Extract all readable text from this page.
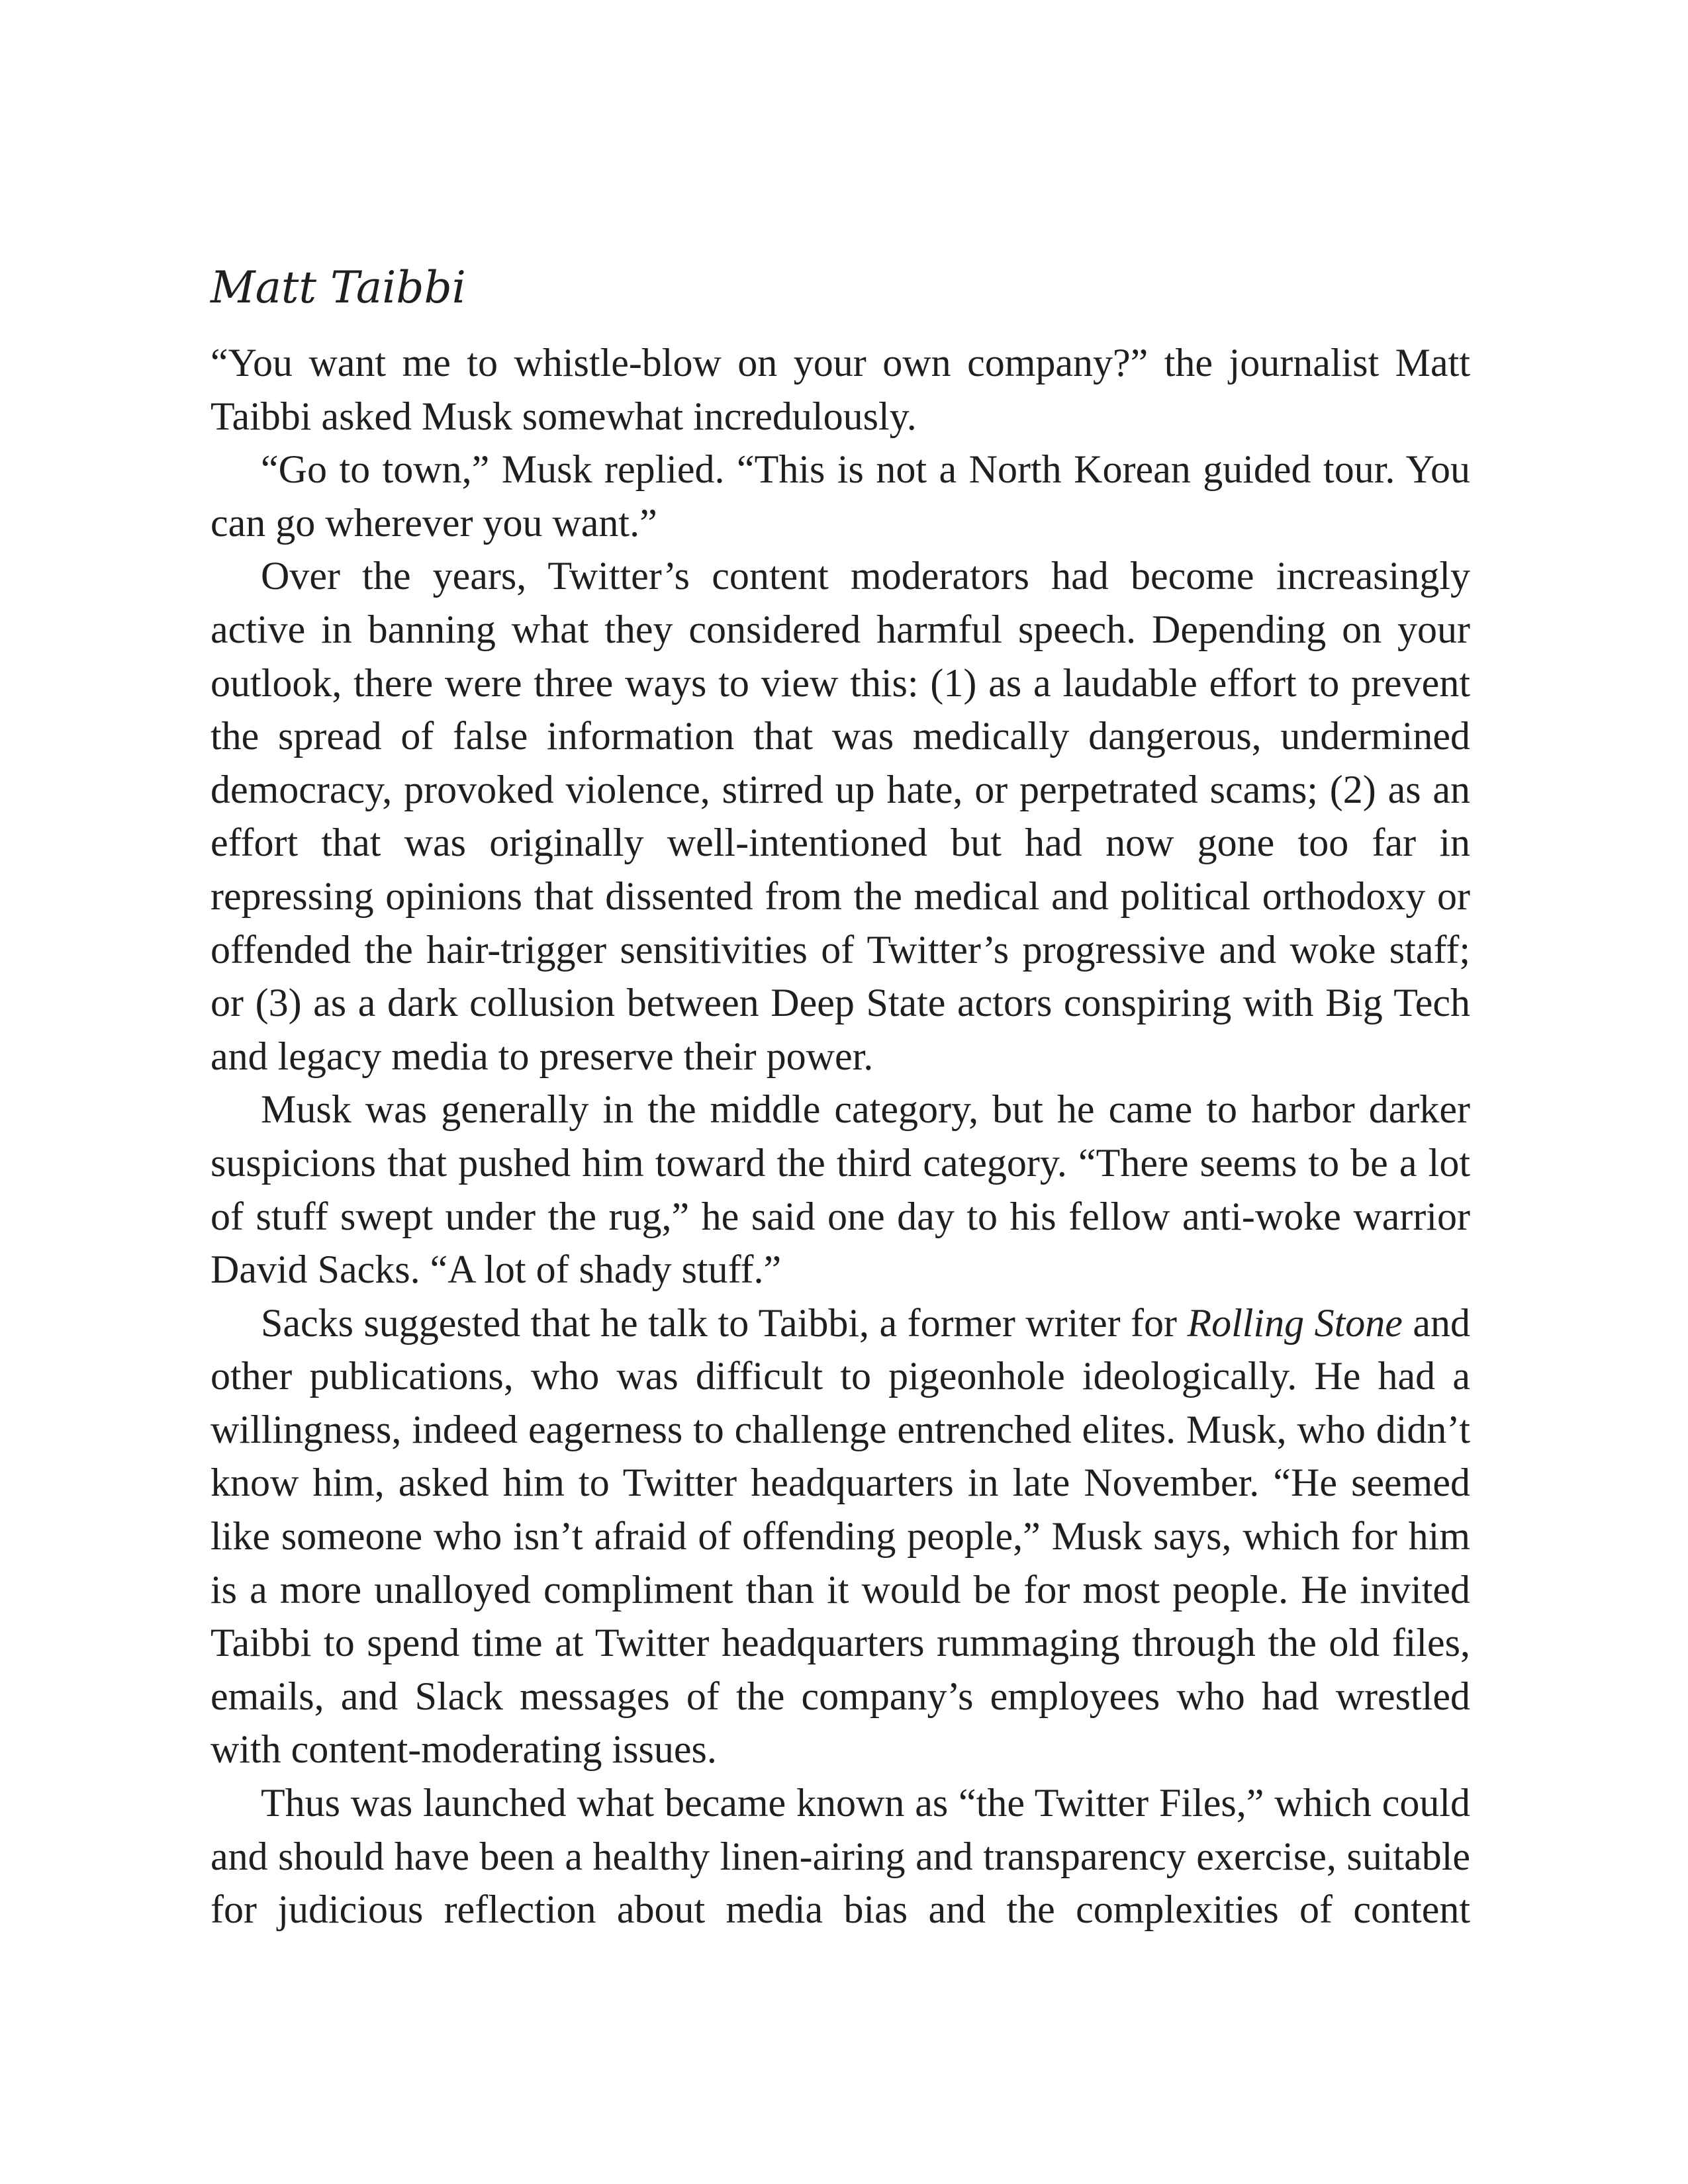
Matt Taibbi

“You want me to whistle-blow on your own company?” the journalist Matt Taibbi asked Musk somewhat incredulously.

“Go to town,” Musk replied. “This is not a North Korean guided tour. You can go wherever you want.”

Over the years, Twitter’s content moderators had become increasingly active in banning what they considered harmful speech. Depending on your outlook, there were three ways to view this: (1) as a laudable effort to prevent the spread of false information that was medically dangerous, undermined democracy, provoked violence, stirred up hate, or perpetrated scams; (2) as an effort that was originally well-intentioned but had now gone too far in repressing opinions that dissented from the medical and political orthodoxy or offended the hair-trigger sensitivities of Twitter’s progressive and woke staff; or (3) as a dark collusion between Deep State actors conspiring with Big Tech and legacy media to preserve their power.

Musk was generally in the middle category, but he came to harbor darker suspicions that pushed him toward the third category. “There seems to be a lot of stuff swept under the rug,” he said one day to his fellow anti-woke warrior David Sacks. “A lot of shady stuff.”

Sacks suggested that he talk to Taibbi, a former writer for Rolling Stone and other publications, who was difficult to pigeonhole ideologically. He had a willingness, indeed eagerness to challenge entrenched elites. Musk, who didn’t know him, asked him to Twitter headquarters in late November. “He seemed like someone who isn’t afraid of offending people,” Musk says, which for him is a more unalloyed compliment than it would be for most people. He invited Taibbi to spend time at Twitter headquarters rummaging through the old files, emails, and Slack messages of the company’s employees who had wrestled with content-moderating issues.

Thus was launched what became known as “the Twitter Files,” which could and should have been a healthy linen-airing and transparency exercise, suitable for judicious reflection about media bias and the complexities of content
